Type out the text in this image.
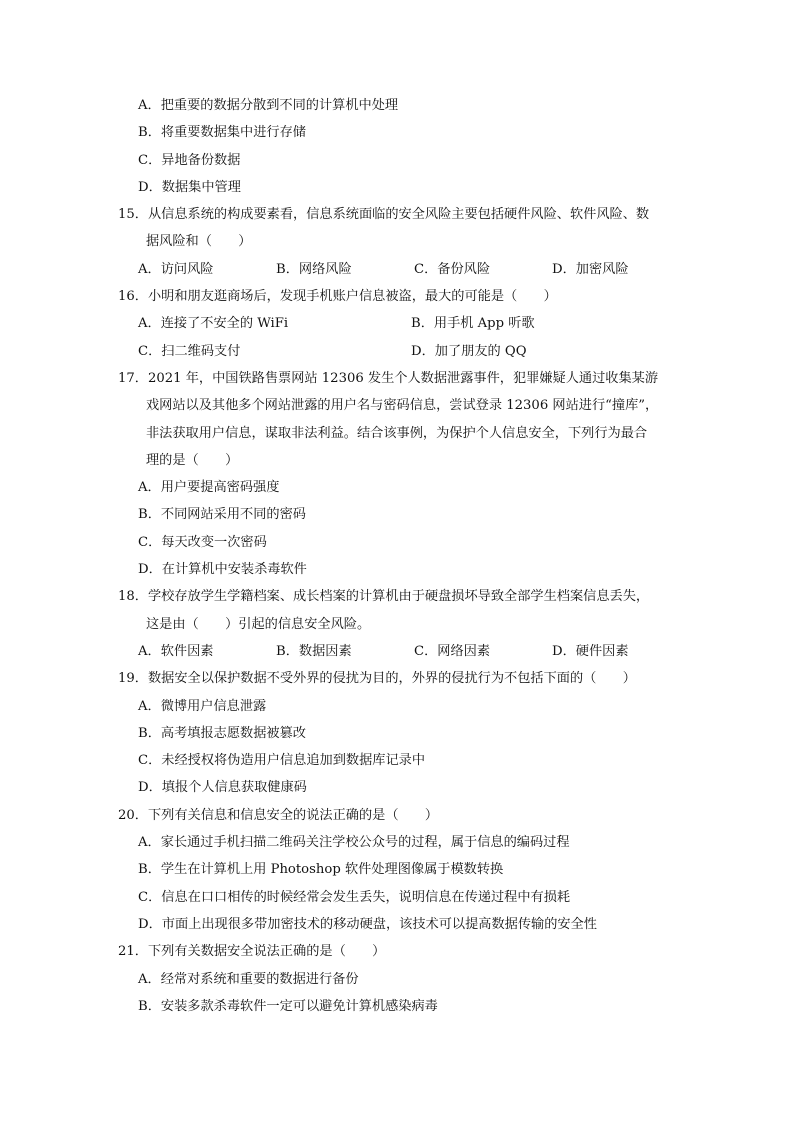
A．把重要的数据分散到不同的计算机中处理
B．将重要数据集中进行存储
C．异地备份数据
D．数据集中管理
15．从信息系统的构成要素看，信息系统面临的安全风险主要包括硬件风险、软件风险、数
据风险和（　　）
A．访问风险	B．网络风险	C．备份风险	D．加密风险
16．小明和朋友逛商场后，发现手机账户信息被盗，最大的可能是（　　）
A．连接了不安全的 WiFi	B．用手机 App 听歌
C．扫二维码支付	D．加了朋友的 QQ
17．2021 年，中国铁路售票网站 12306 发生个人数据泄露事件，犯罪嫌疑人通过收集某游
戏网站以及其他多个网站泄露的用户名与密码信息，尝试登录 12306 网站进行“撞库”，
非法获取用户信息，谋取非法利益。结合该事例，为保护个人信息安全，下列行为最合
理的是（　　）
A．用户要提高密码强度
B．不同网站采用不同的密码
C．每天改变一次密码
D．在计算机中安装杀毒软件
18．学校存放学生学籍档案、成长档案的计算机由于硬盘损坏导致全部学生档案信息丢失，
这是由（　　）引起的信息安全风险。
A．软件因素	B．数据因素	C．网络因素	D．硬件因素
19．数据安全以保护数据不受外界的侵扰为目的，外界的侵扰行为不包括下面的（　　）
A．微博用户信息泄露
B．高考填报志愿数据被篡改
C．未经授权将伪造用户信息追加到数据库记录中
D．填报个人信息获取健康码
20．下列有关信息和信息安全的说法正确的是（　　）
A．家长通过手机扫描二维码关注学校公众号的过程，属于信息的编码过程
B．学生在计算机上用 Photoshop 软件处理图像属于模数转换
C．信息在口口相传的时候经常会发生丢失，说明信息在传递过程中有损耗
D．市面上出现很多带加密技术的移动硬盘，该技术可以提高数据传输的安全性
21．下列有关数据安全说法正确的是（　　）
A．经常对系统和重要的数据进行备份
B．安装多款杀毒软件一定可以避免计算机感染病毒
